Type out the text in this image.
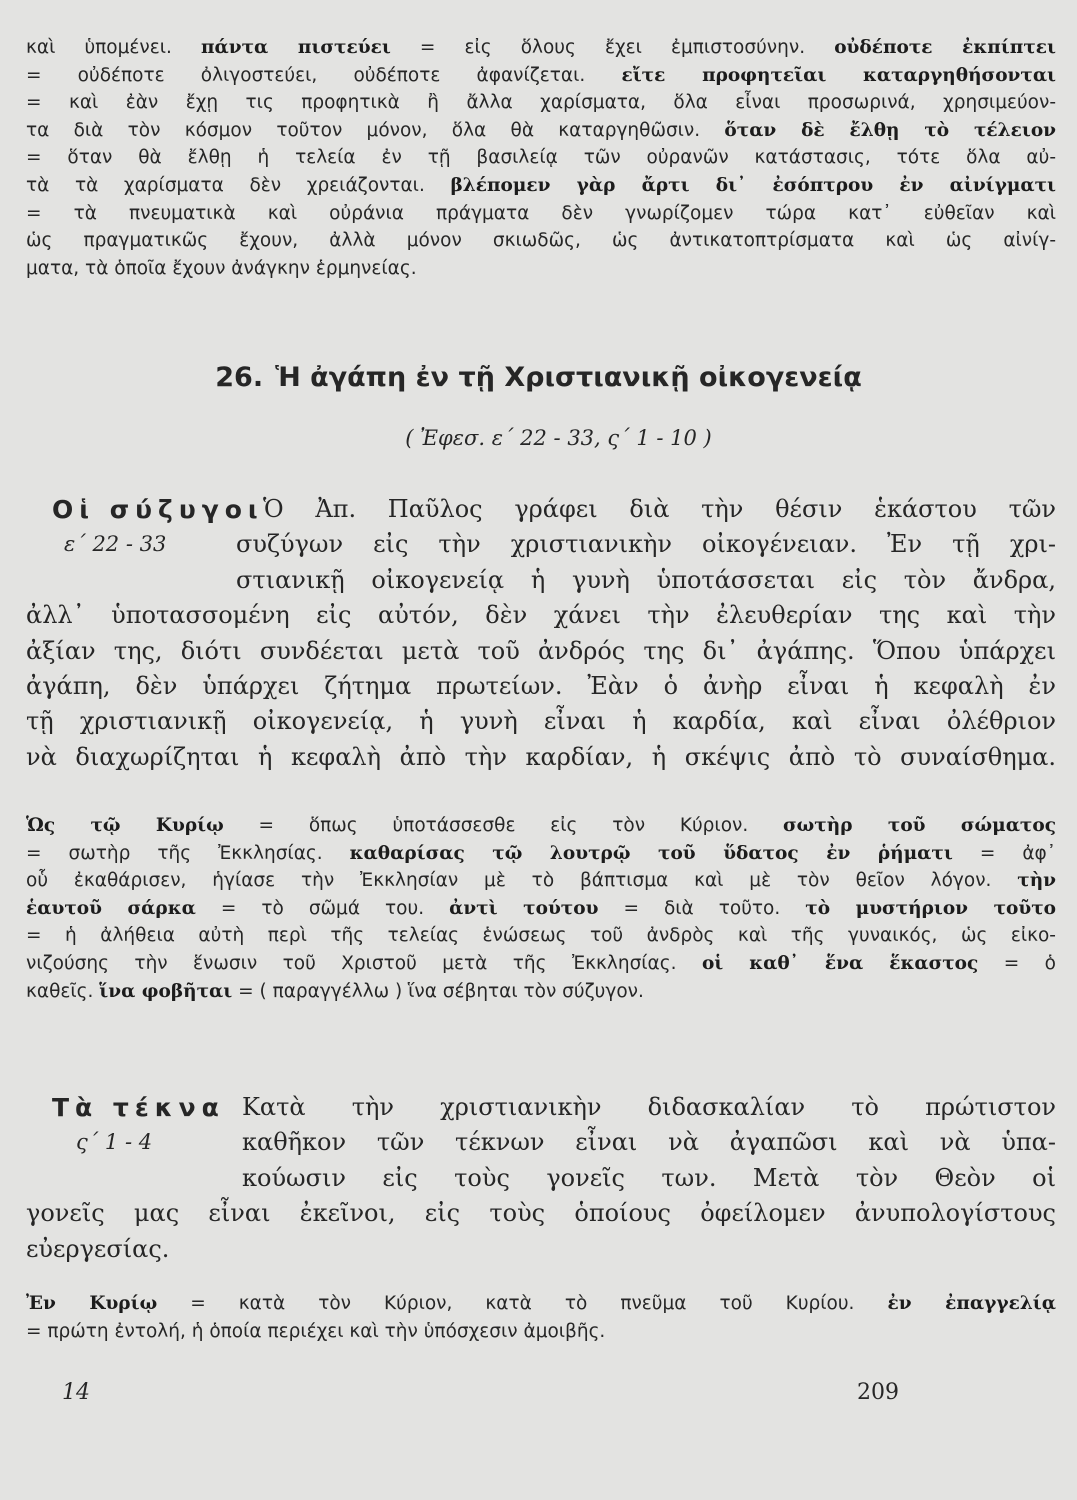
καὶ ὑπομένει. πάντα πιστεύει = εἰς ὅλους ἔχει ἐμπιστοσύνην. οὐδέποτε ἐκπίπτει
= οὐδέποτε ὀλιγοστεύει, οὐδέποτε ἀφανίζεται. εἴτε προφητεῖαι καταργηθήσονται
= καὶ ἐὰν ἔχῃ τις προφητικὰ ἢ ἄλλα χαρίσματα, ὅλα εἶναι προσωρινά, χρησιμεύον-
τα διὰ τὸν κόσμον τοῦτον μόνον, ὅλα θὰ καταργηθῶσιν. ὅταν δὲ ἔλθῃ τὸ τέλειον
= ὅταν θὰ ἔλθῃ ἡ τελεία ἐν τῇ βασιλείᾳ τῶν οὐρανῶν κατάστασις, τότε ὅλα αὐ-
τὰ τὰ χαρίσματα δὲν χρειάζονται. βλέπομεν γὰρ ἄρτι δι᾽ ἐσόπτρου ἐν αἰνίγματι
= τὰ πνευματικὰ καὶ οὐράνια πράγματα δὲν γνωρίζομεν τώρα κατ᾽ εὐθεῖαν καὶ
ὡς πραγματικῶς ἔχουν, ἀλλὰ μόνον σκιωδῶς, ὡς ἀντικατοπτρίσματα καὶ ὡς αἰνίγ-
ματα, τὰ ὁποῖα ἔχουν ἀνάγκην ἑρμηνείας.
26. Ἡ ἀγάπη ἐν τῇ Χριστιανικῇ οἰκογενείᾳ

( Ἐφεσ. ε΄ 22 - 33, ς΄ 1 - 10 )

Οἱ σύζυγοι Ὁ Ἀπ. Παῦλος γράφει διὰ τὴν θέσιν ἑκάστου τῶν
ε΄ 22 - 33	συζύγων εἰς τὴν χριστιανικὴν οἰκογένειαν. Ἐν τῇ χρι-
στιανικῇ οἰκογενείᾳ ἡ γυνὴ ὑποτάσσεται εἰς τὸν ἄνδρα,
ἀλλ᾽ ὑποτασσομένη εἰς αὐτόν, δὲν χάνει τὴν ἐλευθερίαν της καὶ τὴν
ἀξίαν της, διότι συνδέεται μετὰ τοῦ ἀνδρός της δι᾽ ἀγάπης. Ὅπου ὑπάρχει
ἀγάπη, δὲν ὑπάρχει ζήτημα πρωτείων. Ἐὰν ὁ ἀνὴρ εἶναι ἡ κεφαλὴ ἐν
τῇ χριστιανικῇ οἰκογενείᾳ, ἡ γυνὴ εἶναι ἡ καρδία, καὶ εἶναι ὀλέθριον
νὰ διαχωρίζηται ἡ κεφαλὴ ἀπὸ τὴν καρδίαν, ἡ σκέψις ἀπὸ τὸ συναίσθημα.
Ὡς τῷ Κυρίῳ = ὅπως ὑποτάσσεσθε εἰς τὸν Κύριον. σωτὴρ τοῦ σώματος
= σωτὴρ τῆς Ἐκκλησίας. καθαρίσας τῷ λουτρῷ τοῦ ὕδατος ἐν ῥήματι = ἀφ᾽
οὗ ἐκαθάρισεν, ἡγίασε τὴν Ἐκκλησίαν μὲ τὸ βάπτισμα καὶ μὲ τὸν θεῖον λόγον. τὴν
ἑαυτοῦ σάρκα = τὸ σῶμά του. ἀντὶ τούτου = διὰ τοῦτο. τὸ μυστήριον τοῦτο
= ἡ ἀλήθεια αὐτὴ περὶ τῆς τελείας ἑνώσεως τοῦ ἀνδρὸς καὶ τῆς γυναικός, ὡς εἰκο-
νιζούσης τὴν ἕνωσιν τοῦ Χριστοῦ μετὰ τῆς Ἐκκλησίας. οἱ καθ᾽ ἕνα ἕκαστος = ὁ
καθεῖς. ἵνα φοβῆται = ( παραγγέλλω ) ἵνα σέβηται τὸν σύζυγον.
Τὰ τέκνα Κατὰ τὴν χριστιανικὴν διδασκαλίαν τὸ πρώτιστον
ς΄ 1 - 4	καθῆκον τῶν τέκνων εἶναι νὰ ἀγαπῶσι καὶ νὰ ὑπα-
κούωσιν εἰς τοὺς γονεῖς των. Μετὰ τὸν Θεὸν οἱ
γονεῖς μας εἶναι ἐκεῖνοι, εἰς τοὺς ὁποίους ὀφείλομεν ἀνυπολογίστους
εὐεργεσίας.
Ἐν Κυρίῳ = κατὰ τὸν Κύριον, κατὰ τὸ πνεῦμα τοῦ Κυρίου. ἐν ἐπαγγελίᾳ
= πρώτη ἐντολή, ἡ ὁποία περιέχει καὶ τὴν ὑπόσχεσιν ἀμοιβῆς.

14	209
